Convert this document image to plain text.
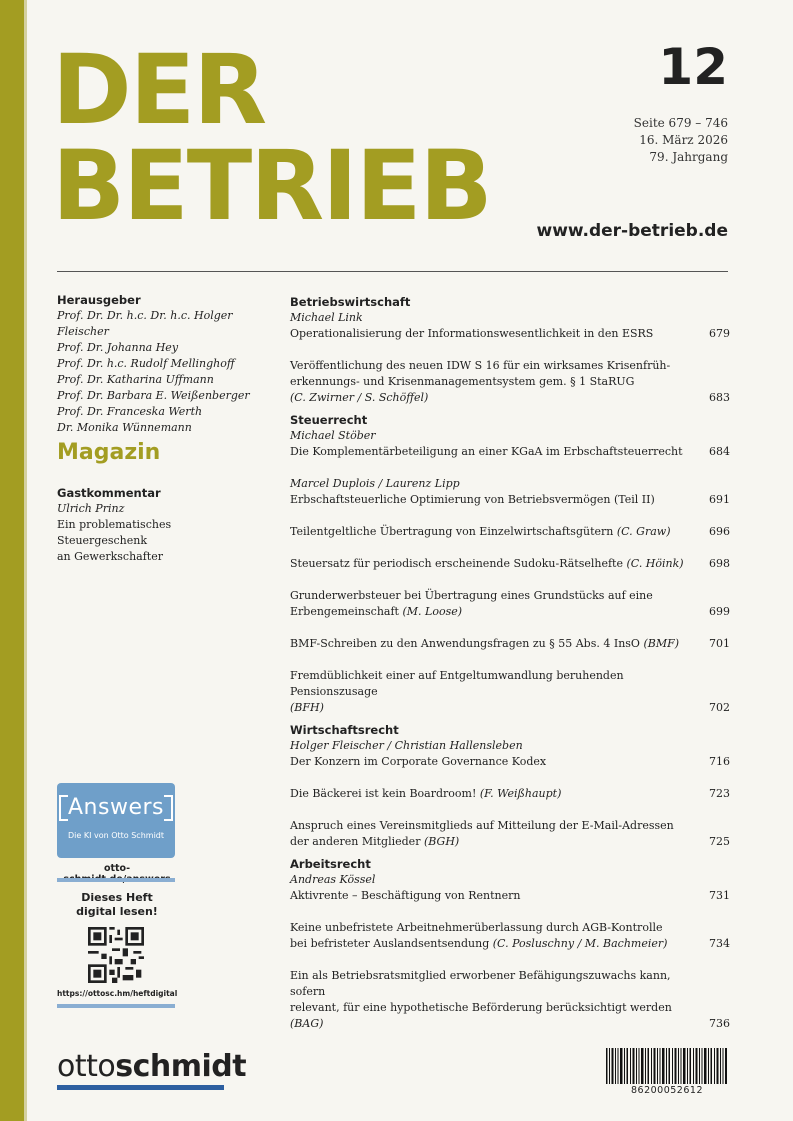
DER
BETRIEB
12
Seite 679 – 746
16. März 2026
79. Jahrgang
www.der-betrieb.de
Herausgeber
Prof. Dr. Dr. h.c. Dr. h.c. Holger Fleischer
Prof. Dr. Johanna Hey
Prof. Dr. h.c. Rudolf Mellinghoff
Prof. Dr. Katharina Uffmann
Prof. Dr. Barbara E. Weißenberger
Prof. Dr. Franceska Werth
Dr. Monika Wünnemann
Magazin
Gastkommentar
Ulrich Prinz
Ein problematisches
Steuergeschenk
an Gewerkschafter
Betriebswirtschaft
Michael Link
Operationalisierung der Informationswesentlichkeit in den ESRS	679
Veröffentlichung des neuen IDW S 16 für ein wirksames Krisenfrüh-
erkennungs- und Krisenmanagementsystem gem. § 1 StaRUG
(C. Zwirner / S. Schöffel)	683
Steuerrecht
Michael Stöber
Die Komplementärbeteiligung an einer KGaA im Erbschaftsteuerrecht	684
Marcel Duplois / Laurenz Lipp
Erbschaftsteuerliche Optimierung von Betriebsvermögen (Teil II)	691
Teilentgeltliche Übertragung von Einzelwirtschaftsgütern (C. Graw)	696
Steuersatz für periodisch erscheinende Sudoku-Rätselhefte (C. Höink)	698
Grunderwerbsteuer bei Übertragung eines Grundstücks auf eine
Erbengemeinschaft (M. Loose)	699
BMF-Schreiben zu den Anwendungsfragen zu § 55 Abs. 4 InsO (BMF)	701
Fremdüblichkeit einer auf Entgeltumwandlung beruhenden Pensionszusage
(BFH)	702
Wirtschaftsrecht
Holger Fleischer / Christian Hallensleben
Der Konzern im Corporate Governance Kodex	716
Die Bäckerei ist kein Boardroom! (F. Weißhaupt)	723
Anspruch eines Vereinsmitglieds auf Mitteilung der E-Mail-Adressen
der anderen Mitglieder (BGH)	725
Arbeitsrecht
Andreas Kössel
Aktivrente – Beschäftigung von Rentnern	731
Keine unbefristete Arbeitnehmerüberlassung durch AGB-Kontrolle
bei befristeter Auslandsentsendung (C. Posluschny / M. Bachmeier)	734
Ein als Betriebsratsmitglied erworbener Befähigungszuwachs kann, sofern
relevant, für eine hypothetische Beförderung berücksichtigt werden (BAG)	736
Answers
Die KI von Otto Schmidt
otto-
Dieses Heft
digital lesen!
https://ottosc.hm/heftdigital
ottoschmidt
86200052612
